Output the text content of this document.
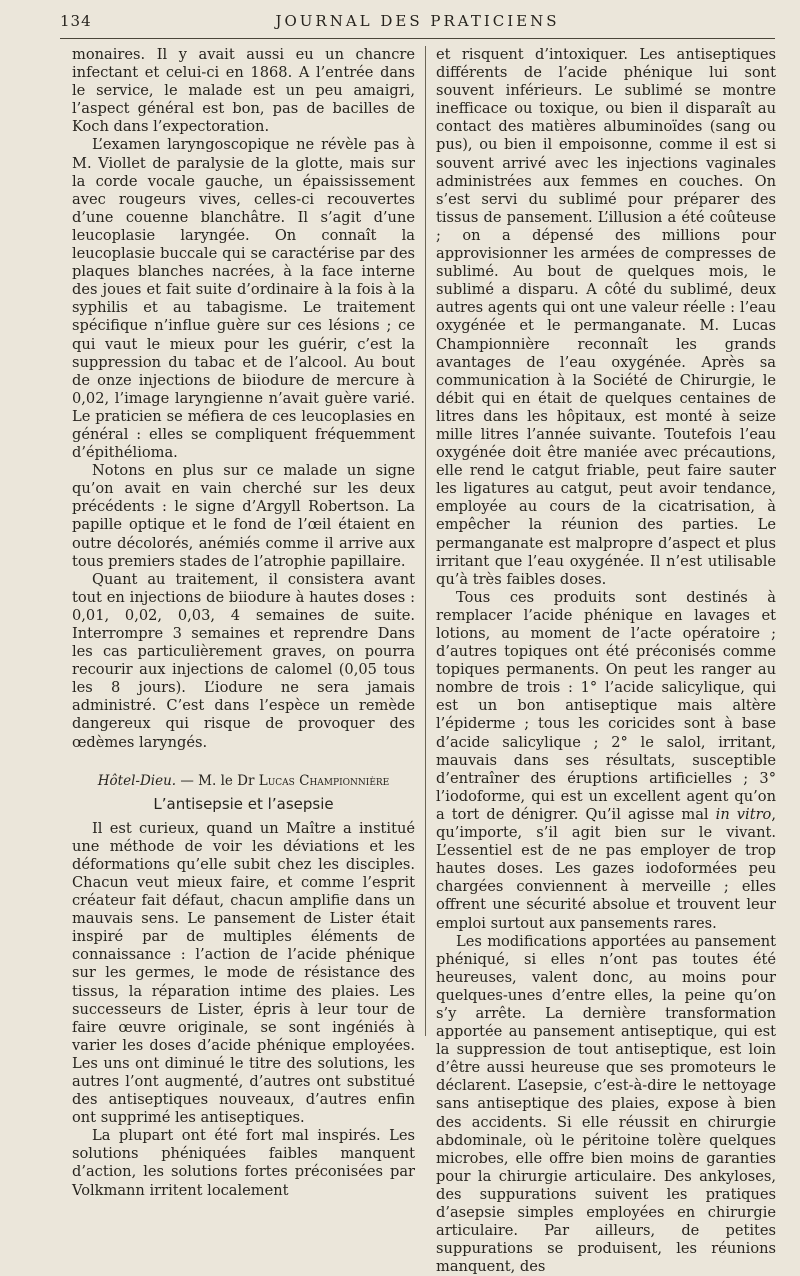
134	JOURNAL DES PRATICIENS

monaires. Il y avait aussi eu un chancre infectant et celui-ci en 1868. A l’entrée dans le service, le malade est un peu amaigri, l’aspect général est bon, pas de bacilles de Koch dans l’expectoration.

L’examen laryngoscopique ne révèle pas à M. Viollet de paralysie de la glotte, mais sur la corde vocale gauche, un épaississement avec rougeurs vives, celles-ci recouvertes d’une couenne blanchâtre. Il s’agit d’une leucoplasie laryngée. On connaît la leucoplasie buccale qui se caractérise par des plaques blanches nacrées, à la face interne des joues et fait suite d’ordinaire à la fois à la syphilis et au tabagisme. Le traitement spécifique n’influe guère sur ces lésions ; ce qui vaut le mieux pour les guérir, c’est la suppression du tabac et de l’alcool. Au bout de onze injections de biiodure de mercure à 0,02, l’image laryngienne n’avait guère varié. Le praticien se méfiera de ces leucoplasies en général : elles se compliquent fréquemment d’épithélioma.

Notons en plus sur ce malade un signe qu’on avait en vain cherché sur les deux précédents : le signe d’Argyll Robertson. La papille optique et le fond de l’œil étaient en outre décolorés, anémiés comme il arrive aux tous premiers stades de l’atrophie papillaire.

Quant au traitement, il consistera avant tout en injections de biiodure à hautes doses : 0,01, 0,02, 0,03, 4 semaines de suite. Interrompre 3 semaines et reprendre Dans les cas particulièrement graves, on pourra recourir aux injections de calomel (0,05 tous les 8 jours). L’iodure ne sera jamais administré. C’est dans l’espèce un remède dangereux qui risque de provoquer des œdèmes laryngés.

Hôtel-Dieu. — M. le Dr Lucas Championnière
L’antisepsie et l’asepsie

Il est curieux, quand un Maître a institué une méthode de voir les déviations et les déformations qu’elle subit chez les disciples. Chacun veut mieux faire, et comme l’esprit créateur fait défaut, chacun amplifie dans un mauvais sens. Le pansement de Lister était inspiré par de multiples éléments de connaissance : l’action de l’acide phénique sur les germes, le mode de résistance des tissus, la réparation intime des plaies. Les successeurs de Lister, épris à leur tour de faire œuvre originale, se sont ingéniés à varier les doses d’acide phénique employées. Les uns ont diminué le titre des solutions, les autres l’ont augmenté, d’autres ont substitué des antiseptiques nouveaux, d’autres enfin ont supprimé les antiseptiques.

La plupart ont été fort mal inspirés. Les solutions phéniquées faibles manquent d’action, les solutions fortes préconisées par Volkmann irritent localement

et risquent d’intoxiquer. Les antiseptiques différents de l’acide phénique lui sont souvent inférieurs. Le sublimé se montre inefficace ou toxique, ou bien il disparaît au contact des matières albuminoïdes (sang ou pus), ou bien il empoisonne, comme il est si souvent arrivé avec les injections vaginales administrées aux femmes en couches. On s’est servi du sublimé pour préparer des tissus de pansement. L’illusion a été coûteuse ; on a dépensé des millions pour approvisionner les armées de compresses de sublimé. Au bout de quelques mois, le sublimé a disparu. A côté du sublimé, deux autres agents qui ont une valeur réelle : l’eau oxygénée et le permanganate. M. Lucas Championnière reconnaît les grands avantages de l’eau oxygénée. Après sa communication à la Société de Chirurgie, le débit qui en était de quelques centaines de litres dans les hôpitaux, est monté à seize mille litres l’année suivante. Toutefois l’eau oxygénée doit être maniée avec précautions, elle rend le catgut friable, peut faire sauter les ligatures au catgut, peut avoir tendance, employée au cours de la cicatrisation, à empêcher la réunion des parties. Le permanganate est malpropre d’aspect et plus irritant que l’eau oxygénée. Il n’est utilisable qu’à très faibles doses.

Tous ces produits sont destinés à remplacer l’acide phénique en lavages et lotions, au moment de l’acte opératoire ; d’autres topiques ont été préconisés comme topiques permanents. On peut les ranger au nombre de trois : 1° l’acide salicylique, qui est un bon antiseptique mais altère l’épiderme ; tous les coricides sont à base d’acide salicylique ; 2° le salol, irritant, mauvais dans ses résultats, susceptible d’entraîner des éruptions artificielles ; 3° l’iodoforme, qui est un excellent agent qu’on a tort de dénigrer. Qu’il agisse mal in vitro, qu’importe, s’il agit bien sur le vivant. L’essentiel est de ne pas employer de trop hautes doses. Les gazes iodoformées peu chargées conviennent à merveille ; elles offrent une sécurité absolue et trouvent leur emploi surtout aux pansements rares.

Les modifications apportées au pansement phéniqué, si elles n’ont pas toutes été heureuses, valent donc, au moins pour quelques-unes d’entre elles, la peine qu’on s’y arrête. La dernière transformation apportée au pansement antiseptique, qui est la suppression de tout antiseptique, est loin d’être aussi heureuse que ses promoteurs le déclarent. L’asepsie, c’est-à-dire le nettoyage sans antiseptique des plaies, expose à bien des accidents. Si elle réussit en chirurgie abdominale, où le péritoine tolère quelques microbes, elle offre bien moins de garanties pour la chirurgie articulaire. Des ankyloses, des suppurations suivent les pratiques d’asepsie simples employées en chirurgie articulaire. Par ailleurs, de petites suppurations se produisent, les réunions manquent, des
